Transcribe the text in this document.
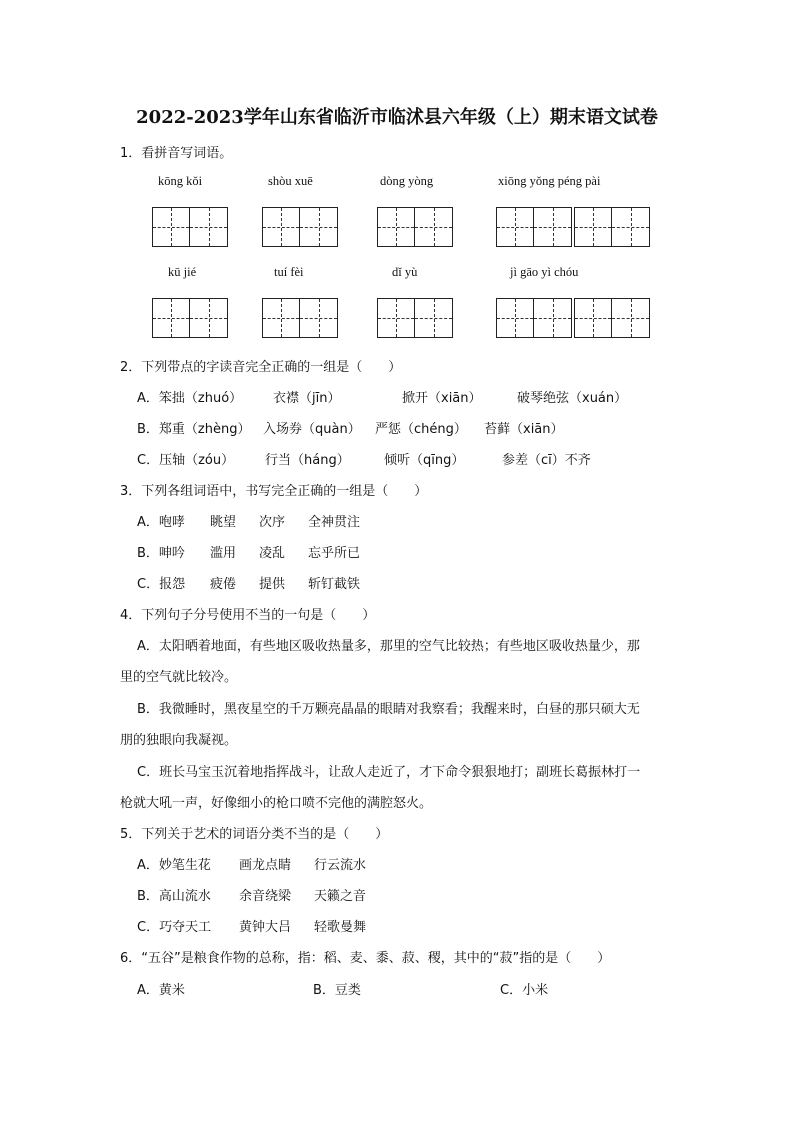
2022-2023学年山东省临沂市临沭县六年级（上）期末语文试卷
1．看拼音写词语。
kōng kǒi	shòu xuē	dòng yòng	xiōng yǒng péng pài
kū jié	tuí fèi	dǐ yù	jì gāo yì chóu
2．下列带点的字读音完全正确的一组是（　　）
A．笨拙（zhuó） 衣襟（jīn）	掀开（xiān）	破琴绝弦（xuán）
B．郑重（zhèng） 入场券（quàn） 严惩（chéng） 苔藓（xiān）
C．压轴（zóu） 行当（háng）	倾听（qīng）	参差（cī）不齐
3．下列各组词语中，书写完全正确的一组是（　　）
A．咆哮 眺望 次序 全神贯注
B．呻吟 滥用 凌乱 忘乎所已
C．报怨 疲倦 提供 斩钉截铁
4．下列句子分号使用不当的一句是（　　）
A．太阳晒着地面，有些地区吸收热量多，那里的空气比较热；有些地区吸收热量少，那
里的空气就比较冷。
B．我微睡时，黑夜星空的千万颗亮晶晶的眼睛对我察看；我醒来时，白昼的那只硕大无
朋的独眼向我凝视。
C．班长马宝玉沉着地指挥战斗，让敌人走近了，才下命令狠狠地打；副班长葛振林打一
枪就大吼一声，好像细小的枪口喷不完他的满腔怒火。
5．下列关于艺术的词语分类不当的是（　　）
A．妙笔生花 画龙点睛 行云流水
B．高山流水 余音绕梁 天籁之音
C．巧夺天工 黄钟大吕 轻歌曼舞
6．“五谷”是粮食作物的总称，指：稻、麦、黍、菽、稷，其中的“菽”指的是（　　）
A．黄米	B．豆类	C．小米
